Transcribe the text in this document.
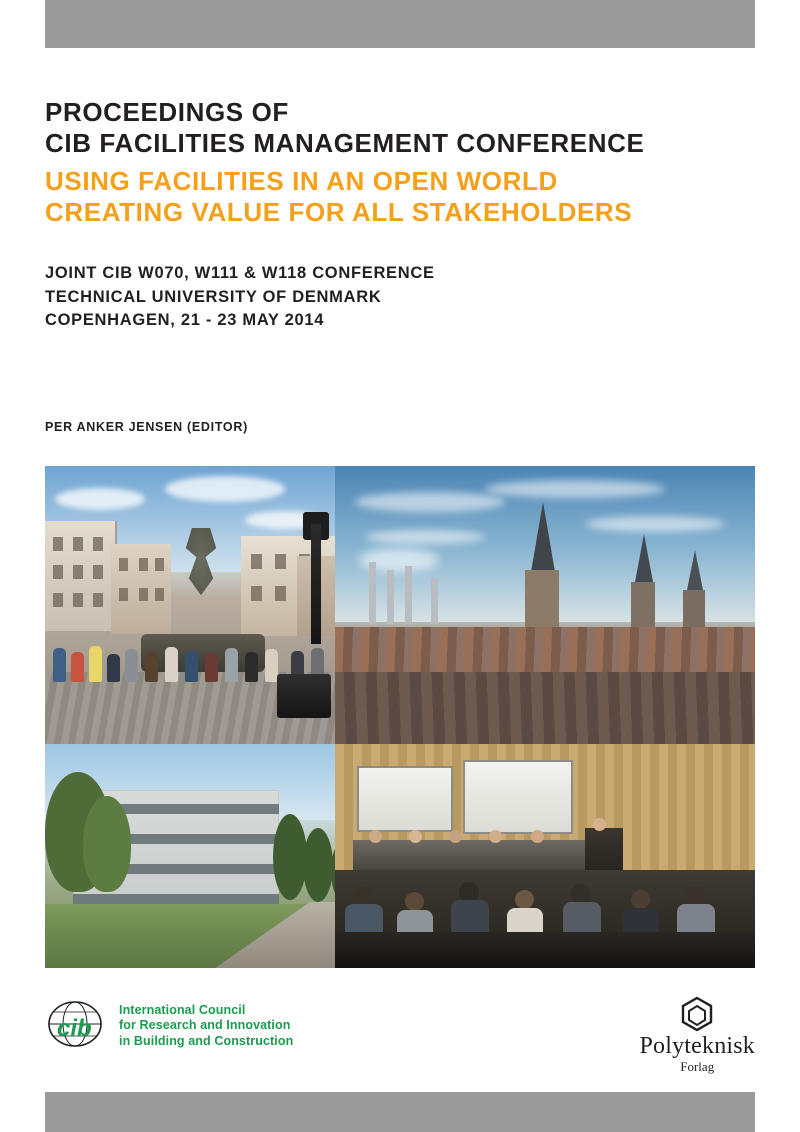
PROCEEDINGS OF
CIB FACILITIES MANAGEMENT CONFERENCE
USING FACILITIES IN AN OPEN WORLD
CREATING VALUE FOR ALL STAKEHOLDERS
JOINT CIB W070, W111 & W118 CONFERENCE
TECHNICAL UNIVERSITY OF DENMARK
COPENHAGEN, 21 - 23 MAY 2014
PER ANKER JENSEN (EDITOR)
cib
International Council
for Research and Innovation
in Building and Construction	Polyteknisk
Forlag
